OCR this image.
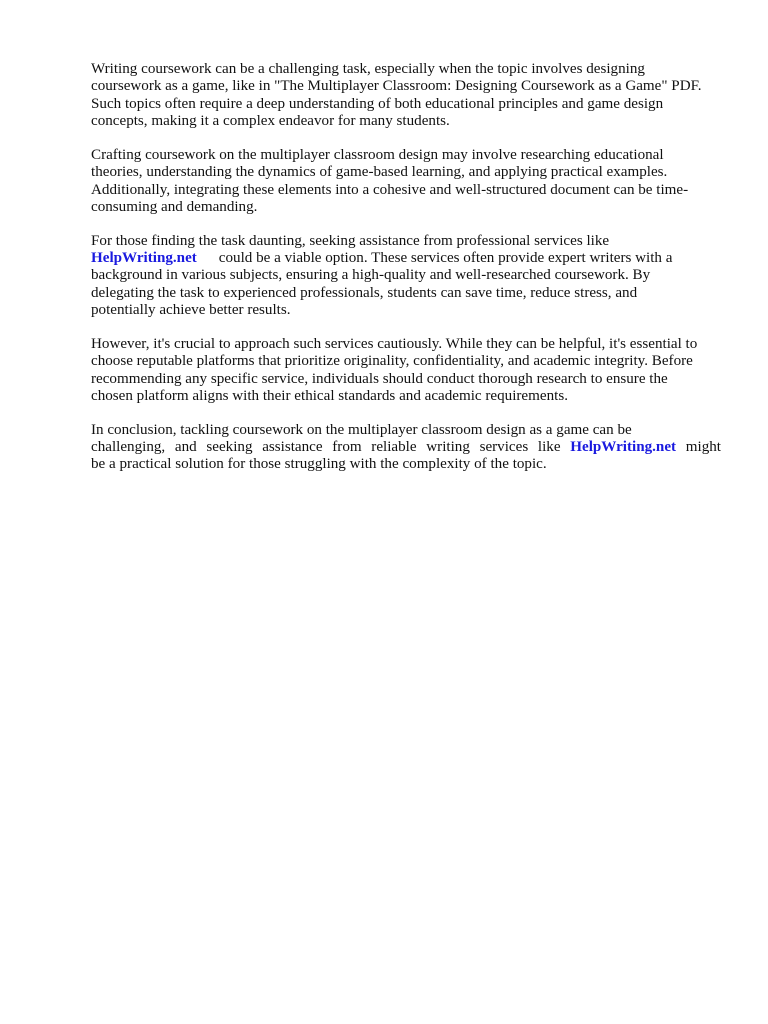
Writing coursework can be a challenging task, especially when the topic involves designing
coursework as a game, like in "The Multiplayer Classroom: Designing Coursework as a Game" PDF.
Such topics often require a deep understanding of both educational principles and game design
concepts, making it a complex endeavor for many students.

Crafting coursework on the multiplayer classroom design may involve researching educational
theories, understanding the dynamics of game-based learning, and applying practical examples.
Additionally, integrating these elements into a cohesive and well-structured document can be time-
consuming and demanding.

For those finding the task daunting, seeking assistance from professional services like
HelpWriting.net could be a viable option. These services often provide expert writers with a
background in various subjects, ensuring a high-quality and well-researched coursework. By
delegating the task to experienced professionals, students can save time, reduce stress, and
potentially achieve better results.

However, it's crucial to approach such services cautiously. While they can be helpful, it's essential to
choose reputable platforms that prioritize originality, confidentiality, and academic integrity. Before
recommending any specific service, individuals should conduct thorough research to ensure the
chosen platform aligns with their ethical standards and academic requirements.

In conclusion, tackling coursework on the multiplayer classroom design as a game can be
challenging, and seeking assistance from reliable writing services like HelpWriting.net might
be a practical solution for those struggling with the complexity of the topic.
